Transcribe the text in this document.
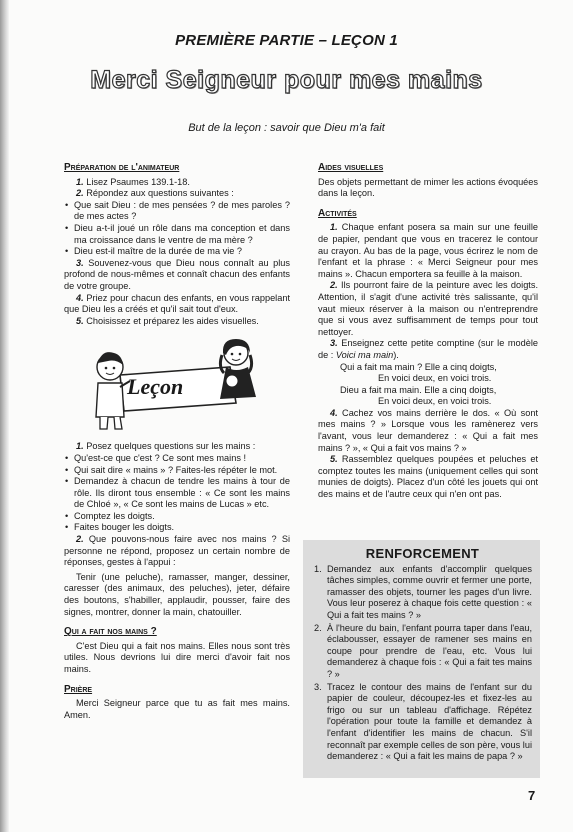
PREMIÈRE PARTIE – LEÇON 1
Merci Seigneur pour mes mains
But de la leçon : savoir que Dieu m'a fait
Préparation de l'animateur

1. Lisez Psaumes 139.1-18.

2. Répondez aux questions suivantes :

• Que sait Dieu : de mes pensées ? de mes paroles ? de mes actes ?
• Dieu a-t-il joué un rôle dans ma conception et dans ma croissance dans le ventre de ma mère ?
• Dieu est-il maître de la durée de ma vie ?

3. Souvenez-vous que Dieu nous connaît au plus profond de nous-mêmes et connaît chacun des enfants de votre groupe.

4. Priez pour chacun des enfants, en vous rappelant que Dieu les a créés et qu'il sait tout d'eux.

5. Choisissez et préparez les aides visuelles.

Leçon

1. Posez quelques questions sur les mains :

• Qu'est-ce que c'est ? Ce sont mes mains !
• Qui sait dire « mains » ? Faites-les répéter le mot.
• Demandez à chacun de tendre les mains à tour de rôle. Ils diront tous ensemble : « Ce sont les mains de Chloé », « Ce sont les mains de Lucas » etc.
• Comptez les doigts.
• Faites bouger les doigts.

2. Que pouvons-nous faire avec nos mains ? Si personne ne répond, proposez un certain nombre de réponses, gestes à l'appui :

Tenir (une peluche), ramasser, manger, dessiner, caresser (des animaux, des peluches), jeter, défaire des boutons, s'habiller, applaudir, pousser, faire des signes, montrer, donner la main, chatouiller.

Qui a fait nos mains ?

C'est Dieu qui a fait nos mains. Elles nous sont très utiles. Nous devrions lui dire merci d'avoir fait nos mains.

Prière

Merci Seigneur parce que tu as fait mes mains. Amen.

Aides visuelles

Des objets permettant de mimer les actions évoquées dans la leçon.

Activités

1. Chaque enfant posera sa main sur une feuille de papier, pendant que vous en tracerez le contour au crayon. Au bas de la page, vous écrirez le nom de l'enfant et la phrase : « Merci Seigneur pour mes mains ». Chacun emportera sa feuille à la maison.

2. Ils pourront faire de la peinture avec les doigts. Attention, il s'agit d'une activité très salissante, qu'il vaut mieux réserver à la maison ou n'entreprendre que si vous avez suffisamment de temps pour tout nettoyer.

3. Enseignez cette petite comptine (sur le modèle de : Voici ma main).

Qui a fait ma main ? Elle a cinq doigts,
En voici deux, en voici trois.
Dieu a fait ma main. Elle a cinq doigts,
En voici deux, en voici trois.

4. Cachez vos mains derrière le dos. « Où sont mes mains ? » Lorsque vous les ramènerez vers l'avant, vous leur demanderez : « Qui a fait mes mains ? », « Qui a fait vos mains ? »

5. Rassemblez quelques poupées et peluches et comptez toutes les mains (uniquement celles qui sont munies de doigts). Placez d'un côté les jouets qui ont des mains et de l'autre ceux qui n'en ont pas.

RENFORCEMENT
1. Demandez aux enfants d'accomplir quelques tâches simples, comme ouvrir et fermer une porte, ramasser des objets, tourner les pages d'un livre. Vous leur poserez à chaque fois cette question : « Qui a fait tes mains ? »
2. À l'heure du bain, l'enfant pourra taper dans l'eau, éclabousser, essayer de ramener ses mains en coupe pour prendre de l'eau, etc. Vous lui demanderez à chaque fois : « Qui a fait tes mains ? »
3. Tracez le contour des mains de l'enfant sur du papier de couleur, découpez-les et fixez-les au frigo ou sur un tableau d'affichage. Répétez l'opération pour toute la famille et demandez à l'enfant d'identifier les mains de chacun. S'il reconnaît par exemple celles de son père, vous lui demanderez : « Qui a fait les mains de papa ? »
7
